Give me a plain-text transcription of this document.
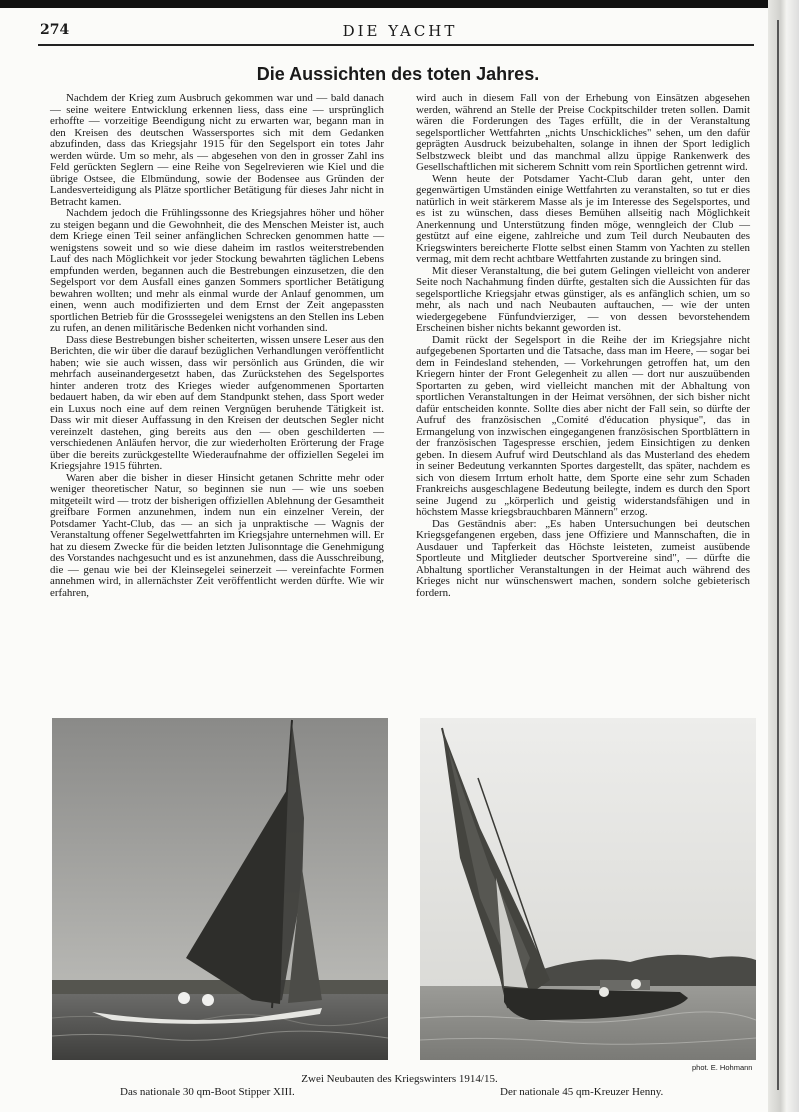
274	DIE YACHT
Die Aussichten des toten Jahres.

Nachdem der Krieg zum Ausbruch gekommen war und — bald danach — seine weitere Entwicklung erkennen liess, dass eine — ursprünglich erhoffte — vorzeitige Beendigung nicht zu erwarten war, begann man in den Kreisen des deutschen Wassersportes sich mit dem Gedanken abzufinden, dass das Kriegsjahr 1915 für den Segelsport ein totes Jahr werden würde. Um so mehr, als — abgesehen von den in grosser Zahl ins Feld gerückten Seglern — eine Reihe von Segelrevieren wie Kiel und die übrige Ostsee, die Elbmündung, sowie der Bodensee aus Gründen der Landesverteidigung als Plätze sportlicher Betätigung für dieses Jahr nicht in Betracht kamen.

Nachdem jedoch die Frühlingssonne des Kriegsjahres höher und höher zu steigen begann und die Gewohnheit, die des Menschen Meister ist, auch dem Kriege einen Teil seiner anfänglichen Schrecken genommen hatte — wenigstens soweit und so wie diese daheim im rastlos weiterstrebenden Lauf des nach Möglichkeit vor jeder Stockung bewahrten täglichen Lebens empfunden werden, begannen auch die Bestrebungen einzusetzen, die den Segelsport vor dem Ausfall eines ganzen Sommers sportlicher Betätigung bewahren wollten; und mehr als einmal wurde der Anlauf genommen, um einen, wenn auch modifizierten und dem Ernst der Zeit angepassten sportlichen Betrieb für die Grosssegelei wenigstens an den Stellen ins Leben zu rufen, an denen militärische Bedenken nicht vorhanden sind.

Dass diese Bestrebungen bisher scheiterten, wissen unsere Leser aus den Berichten, die wir über die darauf bezüglichen Verhandlungen veröffentlicht haben; wie sie auch wissen, dass wir persönlich aus Gründen, die wir mehrfach auseinandergesetzt haben, das Zurückstehen des Segelsportes hinter anderen trotz des Krieges wieder aufgenommenen Sportarten bedauert haben, da wir eben auf dem Standpunkt stehen, dass Sport weder ein Luxus noch eine auf dem reinen Vergnügen beruhende Tätigkeit ist. Dass wir mit dieser Auffassung in den Kreisen der deutschen Segler nicht vereinzelt dastehen, ging bereits aus den — oben geschilderten — verschiedenen Anläufen hervor, die zur wiederholten Erörterung der Frage über die bereits zurückgestellte Wiederaufnahme der offiziellen Segelei im Kriegsjahre 1915 führten.

Waren aber die bisher in dieser Hinsicht getanen Schritte mehr oder weniger theoretischer Natur, so beginnen sie nun — wie uns soeben mitgeteilt wird — trotz der bisherigen offiziellen Ablehnung der Gesamtheit greifbare Formen anzunehmen, indem nun ein einzelner Verein, der Potsdamer Yacht-Club, das — an sich ja unpraktische — Wagnis der Veranstaltung offener Segelwettfahrten im Kriegsjahre unternehmen will. Er hat zu diesem Zwecke für die beiden letzten Julisonntage die Genehmigung des Vorstandes nachgesucht und es ist anzunehmen, dass die Ausschreibung, die — genau wie bei der Kleinsegelei seinerzeit — vereinfachte Formen annehmen wird, in allernächster Zeit veröffentlicht werden dürfte. Wie wir erfahren,

wird auch in diesem Fall von der Erhebung von Einsätzen abgesehen werden, während an Stelle der Preise Cockpitschilder treten sollen. Damit wären die Forderungen des Tages erfüllt, die in der Veranstaltung segelsportlicher Wettfahrten „nichts Unschickliches" sehen, um den dafür geprägten Ausdruck beizubehalten, solange in ihnen der Sport lediglich Selbstzweck bleibt und das manchmal allzu üppige Rankenwerk des Gesellschaftlichen mit sicherem Schnitt vom rein Sportlichen getrennt wird.

Wenn heute der Potsdamer Yacht-Club daran geht, unter den gegenwärtigen Umständen einige Wettfahrten zu veranstalten, so tut er dies natürlich in weit stärkerem Masse als je im Interesse des Segelsportes, und es ist zu wünschen, dass dieses Bemühen allseitig nach Möglichkeit Anerkennung und Unterstützung finden möge, wenngleich der Club — gestützt auf eine eigene, zahlreiche und zum Teil durch Neubauten des Kriegswinters bereicherte Flotte selbst einen Stamm von Yachten zu stellen vermag, mit dem recht achtbare Wettfahrten zustande zu bringen sind.

Mit dieser Veranstaltung, die bei gutem Gelingen vielleicht von anderer Seite noch Nachahmung finden dürfte, gestalten sich die Aussichten für das segelsportliche Kriegsjahr etwas günstiger, als es anfänglich schien, um so mehr, als nach und nach Neubauten auftauchen, — wie der unten wiedergegebene Fünfundvierziger, — von dessen bevorstehendem Erscheinen bisher nichts bekannt geworden ist.

Damit rückt der Segelsport in die Reihe der im Kriegsjahre nicht aufgegebenen Sportarten und die Tatsache, dass man im Heere, — sogar bei dem in Feindesland stehenden, — Vorkehrungen getroffen hat, um den Kriegern hinter der Front Gelegenheit zu allen — dort nur auszuübenden Sportarten zu geben, wird vielleicht manchen mit der Abhaltung von sportlichen Veranstaltungen in der Heimat versöhnen, der sich bisher nicht dafür entscheiden konnte. Sollte dies aber nicht der Fall sein, so dürfte der Aufruf des französischen „Comité d'éducation physique", das in Ermangelung von inzwischen eingegangenen französischen Sportblättern in der französischen Tagespresse erschien, jedem Einsichtigen zu denken geben. In diesem Aufruf wird Deutschland als das Musterland des ehedem in seiner Bedeutung verkannten Sportes dargestellt, das später, nachdem es sich von diesem Irrtum erholt hatte, dem Sporte eine sehr zum Schaden Frankreichs ausgeschlagene Bedeutung beilegte, indem es durch den Sport seine Jugend zu „körperlich und geistig widerstandsfähigen und in höchstem Masse kriegsbrauchbaren Männern" erzog.

Das Geständnis aber: „Es haben Untersuchungen bei deutschen Kriegsgefangenen ergeben, dass jene Offiziere und Mannschaften, die in Ausdauer und Tapferkeit das Höchste leisteten, zumeist ausübende Sportleute und Mitglieder deutscher Sportvereine sind", — dürfte die Abhaltung sportlicher Veranstaltungen in der Heimat auch während des Krieges nicht nur wünschenswert machen, sondern solche gebieterisch fordern.

phot. E. Hohmann
Zwei Neubauten des Kriegswinters 1914/15.
Das nationale 30 qm-Boot Stipper XIII.	Der nationale 45 qm-Kreuzer Henny.
